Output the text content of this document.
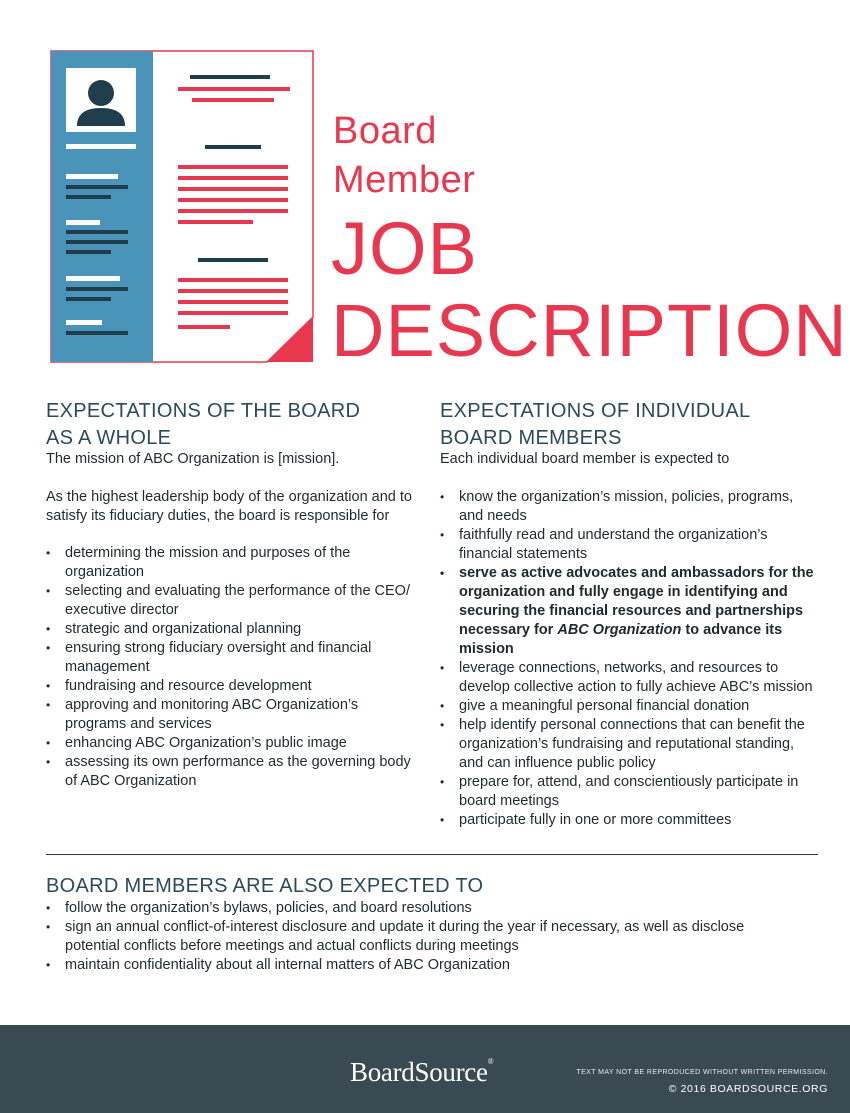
Board
Member
JOB
DESCRIPTION
EXPECTATIONS OF THE BOARD
AS A WHOLE
The mission of ABC Organization is [mission].
As the highest leadership body of the organization and to satisfy its fiduciary duties, the board is responsible for
• determining the mission and purposes of the organization
• selecting and evaluating the performance of the CEO/ executive director
• strategic and organizational planning
• ensuring strong fiduciary oversight and financial management
• fundraising and resource development
• approving and monitoring ABC Organization’s programs and services
• enhancing ABC Organization’s public image
• assessing its own performance as the governing body of ABC Organization
EXPECTATIONS OF INDIVIDUAL
BOARD MEMBERS
Each individual board member is expected to
• know the organization’s mission, policies, programs, and needs
• faithfully read and understand the organization’s financial statements
• serve as active advocates and ambassadors for the organization and fully engage in identifying and securing the financial resources and partnerships necessary for ABC Organization to advance its mission
• leverage connections, networks, and resources to develop collective action to fully achieve ABC’s mission
• give a meaningful personal financial donation
• help identify personal connections that can benefit the organization’s fundraising and reputational standing, and can influence public policy
• prepare for, attend, and conscientiously participate in board meetings
• participate fully in one or more committees
BOARD MEMBERS ARE ALSO EXPECTED TO
• follow the organization’s bylaws, policies, and board resolutions
• sign an annual conflict-of-interest disclosure and update it during the year if necessary, as well as disclose potential conflicts before meetings and actual conflicts during meetings
• maintain confidentiality about all internal matters of ABC Organization
BoardSource®
TEXT MAY NOT BE REPRODUCED WITHOUT WRITTEN PERMISSION.
© 2016 BOARDSOURCE.ORG
